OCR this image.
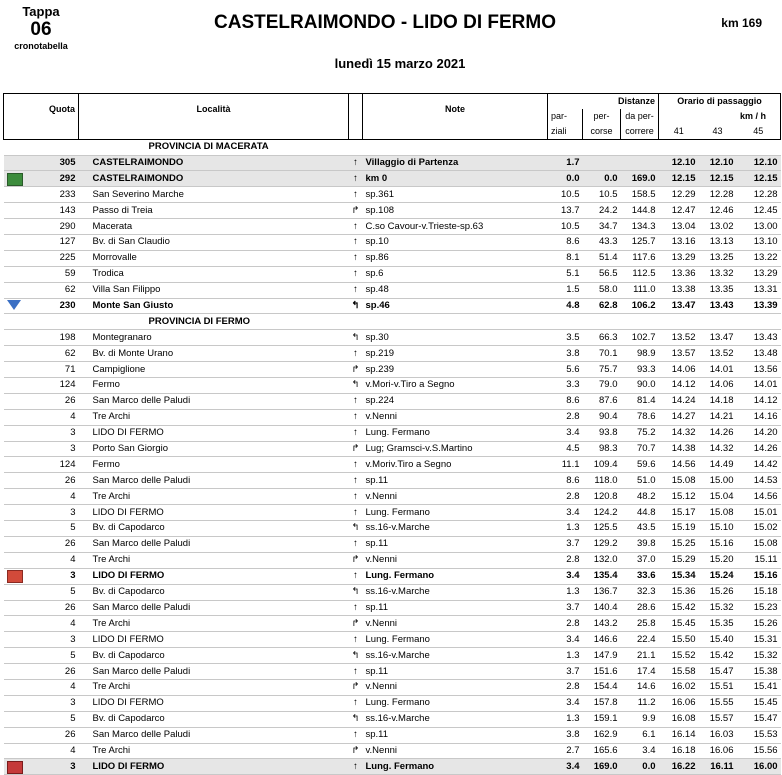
Tappa
06
cronotabella
CASTELRAIMONDO - LIDO DI FERMO	km 169
lunedì 15 marzo 2021
Quota	Località		Note	Distanze			Orario di passaggio		
				par-	per-	da per-	km / h		
				ziali	corse	correre	41	43	45
	PROVINCIA DI MACERATA								
305	CASTELRAIMONDO	↑	Villaggio di Partenza	1.7			12.10	12.10	12.10

292	CASTELRAIMONDO	↑	km 0	0.0	0.0	169.0	12.15	12.15	12.15
233	San Severino Marche	↑	sp.361	10.5	10.5	158.5	12.29	12.28	12.28
143	Passo di Treia	↱	sp.108	13.7	24.2	144.8	12.47	12.46	12.45
290	Macerata	↑	C.so Cavour-v.Trieste-sp.63	10.5	34.7	134.3	13.04	13.02	13.00
127	Bv. di San Claudio	↑	sp.10	8.6	43.3	125.7	13.16	13.13	13.10
225	Morrovalle	↑	sp.86	8.1	51.4	117.6	13.29	13.25	13.22
59	Trodica	↑	sp.6	5.1	56.5	112.5	13.36	13.32	13.29
62	Villa San Filippo	↑	sp.48	1.5	58.0	111.0	13.38	13.35	13.31

230	Monte San Giusto	↰	sp.46	4.8	62.8	106.2	13.47	13.43	13.39
	PROVINCIA DI FERMO								
198	Montegranaro	↰	sp.30	3.5	66.3	102.7	13.52	13.47	13.43
62	Bv. di Monte Urano	↑	sp.219	3.8	70.1	98.9	13.57	13.52	13.48
71	Campiglione	↱	sp.239	5.6	75.7	93.3	14.06	14.01	13.56
124	Fermo	↰	v.Mori-v.Tiro a Segno	3.3	79.0	90.0	14.12	14.06	14.01
26	San Marco delle Paludi	↑	sp.224	8.6	87.6	81.4	14.24	14.18	14.12
4	Tre Archi	↑	v.Nenni	2.8	90.4	78.6	14.27	14.21	14.16
3	LIDO DI FERMO	↑	Lung. Fermano	3.4	93.8	75.2	14.32	14.26	14.20
3	Porto San Giorgio	↱	Lug; Gramsci-v.S.Martino	4.5	98.3	70.7	14.38	14.32	14.26
124	Fermo	↑	v.Moriv.Tiro a Segno	11.1	109.4	59.6	14.56	14.49	14.42
26	San Marco delle Paludi	↑	sp.11	8.6	118.0	51.0	15.08	15.00	14.53
4	Tre Archi	↑	v.Nenni	2.8	120.8	48.2	15.12	15.04	14.56
3	LIDO DI FERMO	↑	Lung. Fermano	3.4	124.2	44.8	15.17	15.08	15.01
5	Bv. di Capodarco	↰	ss.16-v.Marche	1.3	125.5	43.5	15.19	15.10	15.02
26	San Marco delle Paludi	↑	sp.11	3.7	129.2	39.8	15.25	15.16	15.08
4	Tre Archi	↱	v.Nenni	2.8	132.0	37.0	15.29	15.20	15.11

3	LIDO DI FERMO	↑	Lung. Fermano	3.4	135.4	33.6	15.34	15.24	15.16
5	Bv. di Capodarco	↰	ss.16-v.Marche	1.3	136.7	32.3	15.36	15.26	15.18
26	San Marco delle Paludi	↑	sp.11	3.7	140.4	28.6	15.42	15.32	15.23
4	Tre Archi	↱	v.Nenni	2.8	143.2	25.8	15.45	15.35	15.26
3	LIDO DI FERMO	↑	Lung. Fermano	3.4	146.6	22.4	15.50	15.40	15.31
5	Bv. di Capodarco	↰	ss.16-v.Marche	1.3	147.9	21.1	15.52	15.42	15.32
26	San Marco delle Paludi	↑	sp.11	3.7	151.6	17.4	15.58	15.47	15.38
4	Tre Archi	↱	v.Nenni	2.8	154.4	14.6	16.02	15.51	15.41
3	LIDO DI FERMO	↑	Lung. Fermano	3.4	157.8	11.2	16.06	15.55	15.45
5	Bv. di Capodarco	↰	ss.16-v.Marche	1.3	159.1	9.9	16.08	15.57	15.47
26	San Marco delle Paludi	↑	sp.11	3.8	162.9	6.1	16.14	16.03	15.53
4	Tre Archi	↱	v.Nenni	2.7	165.6	3.4	16.18	16.06	15.56

3	LIDO DI FERMO	↑	Lung. Fermano	3.4	169.0	0.0	16.22	16.11	16.00
